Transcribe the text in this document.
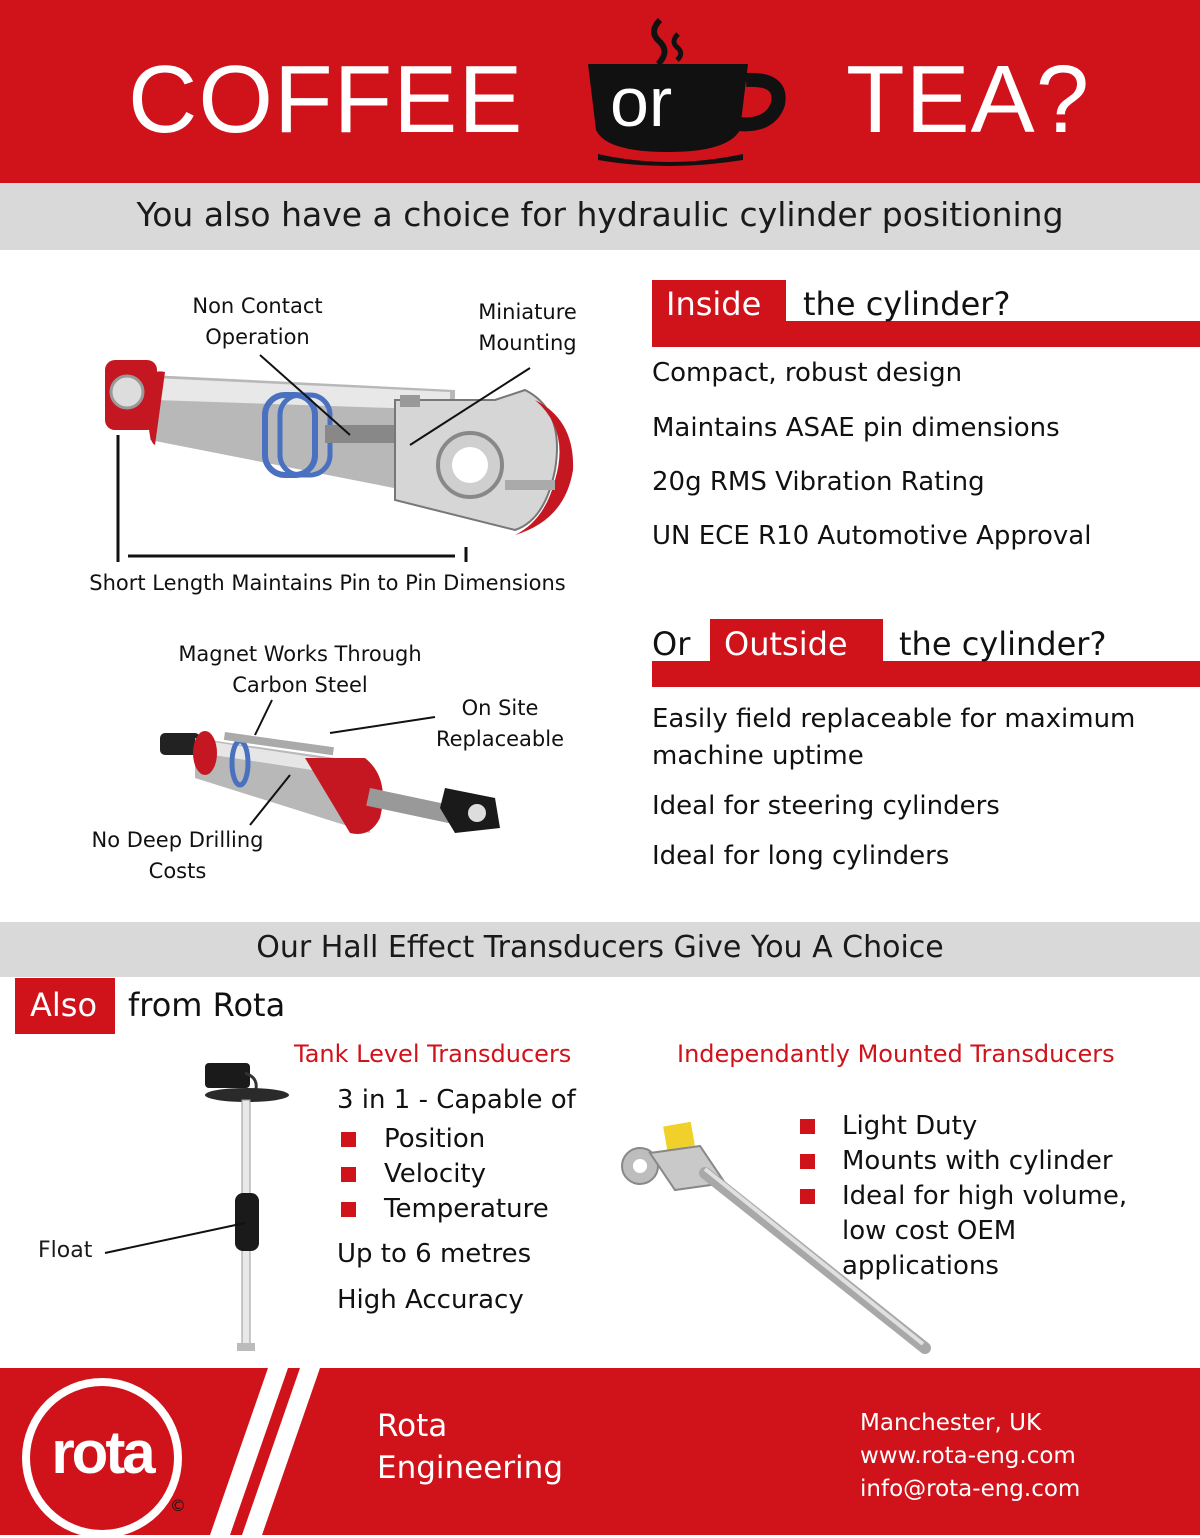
COFFEE or TEA?
You also have a choice for hydraulic cylinder positioning
Non Contact
Operation
Miniature
Mounting
Short Length Maintains Pin to Pin Dimensions
Inside	the cylinder?
Compact, robust design
Maintains ASAE pin dimensions
20g RMS Vibration Rating
UN ECE R10 Automotive Approval
Magnet Works Through
Carbon Steel
On Site
Replaceable
No Deep Drilling
Costs
Or	Outside	the cylinder?
Easily field replaceable for maximum
machine uptime
Ideal for steering cylinders
Ideal for long cylinders
Our Hall Effect Transducers Give You A Choice
Also from Rota
Float
Tank Level Transducers
3 in 1 - Capable of
Position
Velocity
Temperature
Up to 6 metres
High Accuracy
Independantly Mounted Transducers
Light Duty
Mounts with cylinder
Ideal for high volume,
low cost OEM
applications
rota
©
Rota
Engineering
Manchester, UK
www.rota-eng.com
info@rota-eng.com
